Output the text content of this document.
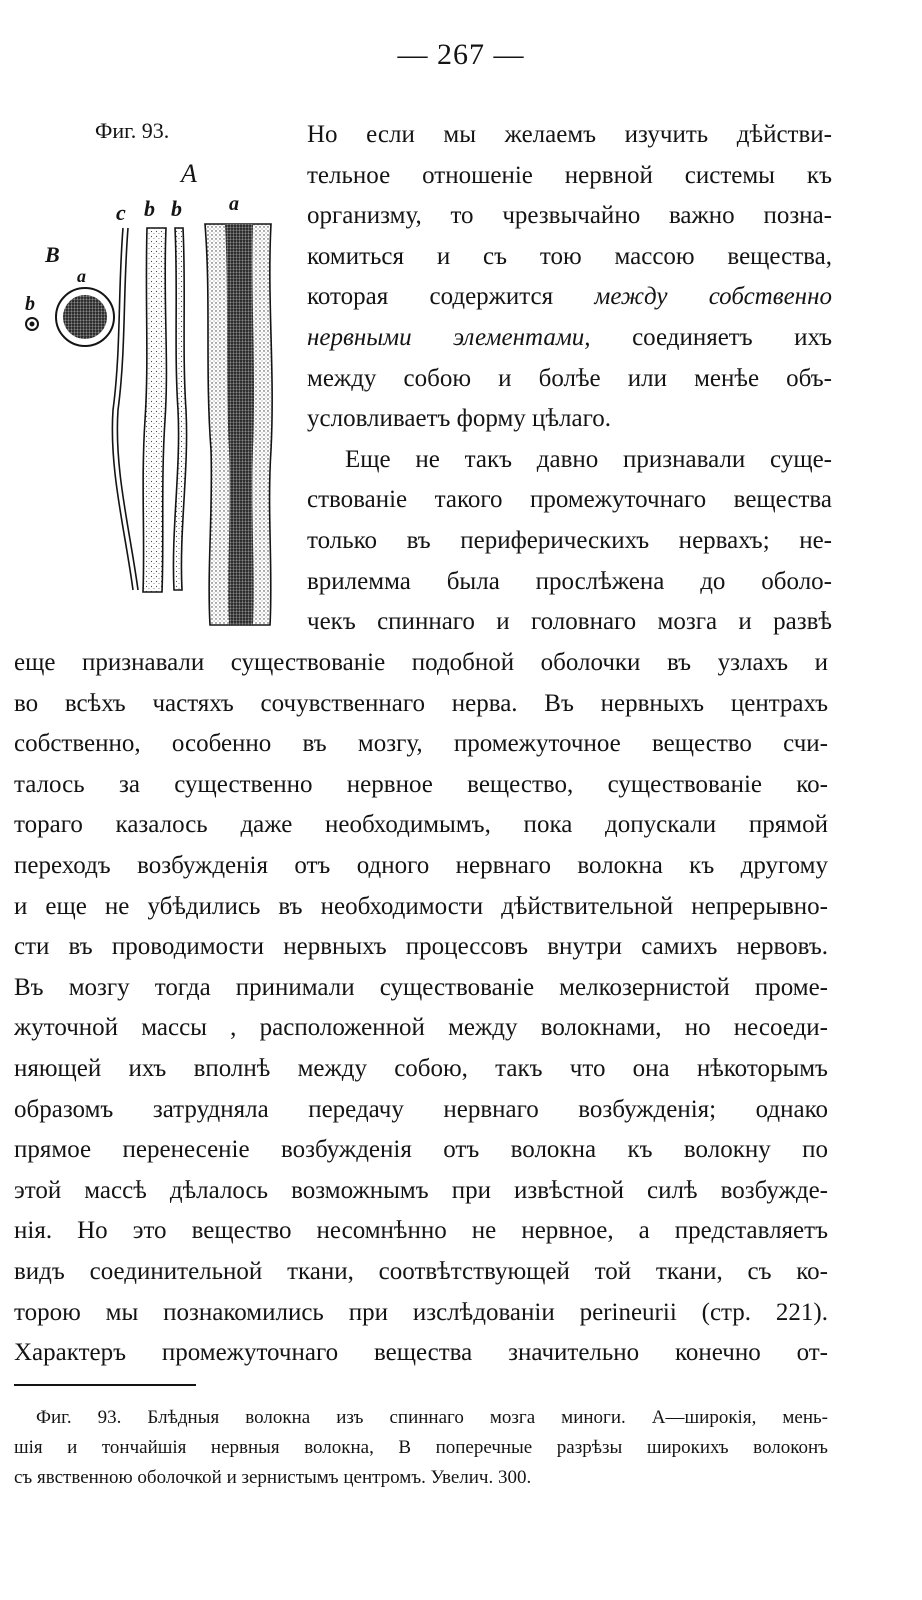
— 267 —
Фиг. 93.
A
c b b a
B
a
b

Но если мы желаемъ изучить дѣйстви-

тельное отношеніе нервной системы къ

организму, то чрезвычайно важно позна-

комиться и съ тою массою вещества,

которая содержится между собственно

нервными элементами, соединяетъ ихъ

между собою и болѣе или менѣе объ-

условливаетъ форму цѣлаго.

Еще не такъ давно признавали суще-

ствованіе такого промежуточнаго вещества

только въ периферическихъ нервахъ; не-

врилемма была прослѣжена до оболо-

чекъ спиннаго и головнаго мозга и развѣ

еще признавали существованіе подобной оболочки въ узлахъ и

во всѣхъ частяхъ сочувственнаго нерва. Въ нервныхъ центрахъ

собственно, особенно въ мозгу, промежуточное вещество счи-

талось за существенно нервное вещество, существованіе ко-

тораго казалось даже необходимымъ, пока допускали прямой

переходъ возбужденія отъ одного нервнаго волокна къ другому

и еще не убѣдились въ необходимости дѣйствительной непрерывно-

сти въ проводимости нервныхъ процессовъ внутри самихъ нервовъ.

Въ мозгу тогда принимали существованіе мелкозернистой проме-

жуточной массы , расположенной между волокнами, но несоеди-

няющей ихъ вполнѣ между собою, такъ что она нѣкоторымъ

образомъ затрудняла передачу нервнаго возбужденія; однако

прямое перенесеніе возбужденія отъ волокна къ волокну по

этой массѣ дѣлалось возможнымъ при извѣстной силѣ возбужде-

нія. Но это вещество несомнѣнно не нервное, а представляетъ

видъ соединительной ткани, соотвѣтствующей той ткани, съ ко-

торою мы познакомились при изслѣдованіи perineurii (стр. 221).

Характеръ промежуточнаго вещества значительно конечно от-

Фиг. 93. Блѣдныя волокна изъ спиннаго мозга миноги. А—широкія, мень-

шія и тончайшія нервныя волокна, В поперечные разрѣзы широкихъ волоконъ

съ явственною оболочкой и зернистымъ центромъ. Увелич. 300.
